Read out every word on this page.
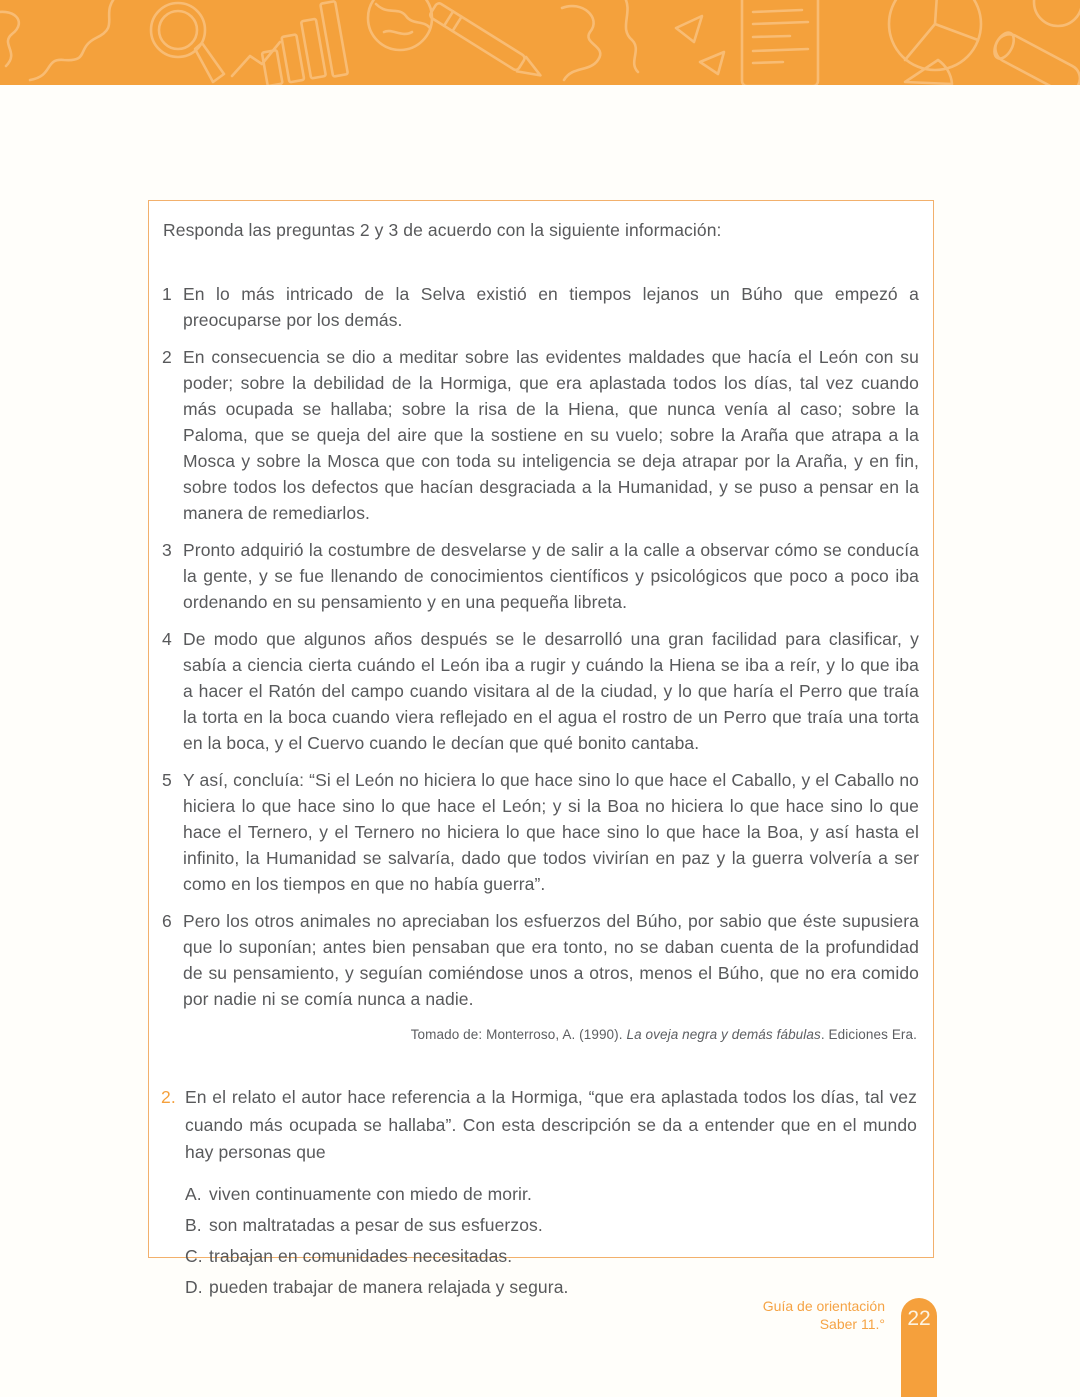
Responda las preguntas 2 y 3 de acuerdo con la siguiente información:

1 En lo más intricado de la Selva existió en tiempos lejanos un Búho que empezó a preocuparse por los demás.
2 En consecuencia se dio a meditar sobre las evidentes maldades que hacía el León con su poder; sobre la debilidad de la Hormiga, que era aplastada todos los días, tal vez cuando más ocupada se hallaba; sobre la risa de la Hiena, que nunca venía al caso; sobre la Paloma, que se queja del aire que la sostiene en su vuelo; sobre la Araña que atrapa a la Mosca y sobre la Mosca que con toda su inteligencia se deja atrapar por la Araña, y en fin, sobre todos los defectos que hacían desgraciada a la Humanidad, y se puso a pensar en la manera de remediarlos.
3 Pronto adquirió la costumbre de desvelarse y de salir a la calle a observar cómo se conducía la gente, y se fue llenando de conocimientos científicos y psicológicos que poco a poco iba ordenando en su pensamiento y en una pequeña libreta.
4 De modo que algunos años después se le desarrolló una gran facilidad para clasificar, y sabía a ciencia cierta cuándo el León iba a rugir y cuándo la Hiena se iba a reír, y lo que iba a hacer el Ratón del campo cuando visitara al de la ciudad, y lo que haría el Perro que traía la torta en la boca cuando viera reflejado en el agua el rostro de un Perro que traía una torta en la boca, y el Cuervo cuando le decían que qué bonito cantaba.
5 Y así, concluía: “Si el León no hiciera lo que hace sino lo que hace el Caballo, y el Caballo no hiciera lo que hace sino lo que hace el León; y si la Boa no hiciera lo que hace sino lo que hace el Ternero, y el Ternero no hiciera lo que hace sino lo que hace la Boa, y así hasta el infinito, la Humanidad se salvaría, dado que todos vivirían en paz y la guerra volvería a ser como en los tiempos en que no había guerra”.
6 Pero los otros animales no apreciaban los esfuerzos del Búho, por sabio que éste supusiera que lo suponían; antes bien pensaban que era tonto, no se daban cuenta de la profundidad de su pensamiento, y seguían comiéndose unos a otros, menos el Búho, que no era comido por nadie ni se comía nunca a nadie.

Tomado de: Monterroso, A. (1990). La oveja negra y demás fábulas. Ediciones Era.

2. En el relato el autor hace referencia a la Hormiga, “que era aplastada todos los días, tal vez cuando más ocupada se hallaba”. Con esta descripción se da a entender que en el mundo hay personas que
A. viven continuamente con miedo de morir.
B. son maltratadas a pesar de sus esfuerzos.
C. trabajan en comunidades necesitadas.
D. pueden trabajar de manera relajada y segura.
Guía de orientación
Saber 11.°	22
